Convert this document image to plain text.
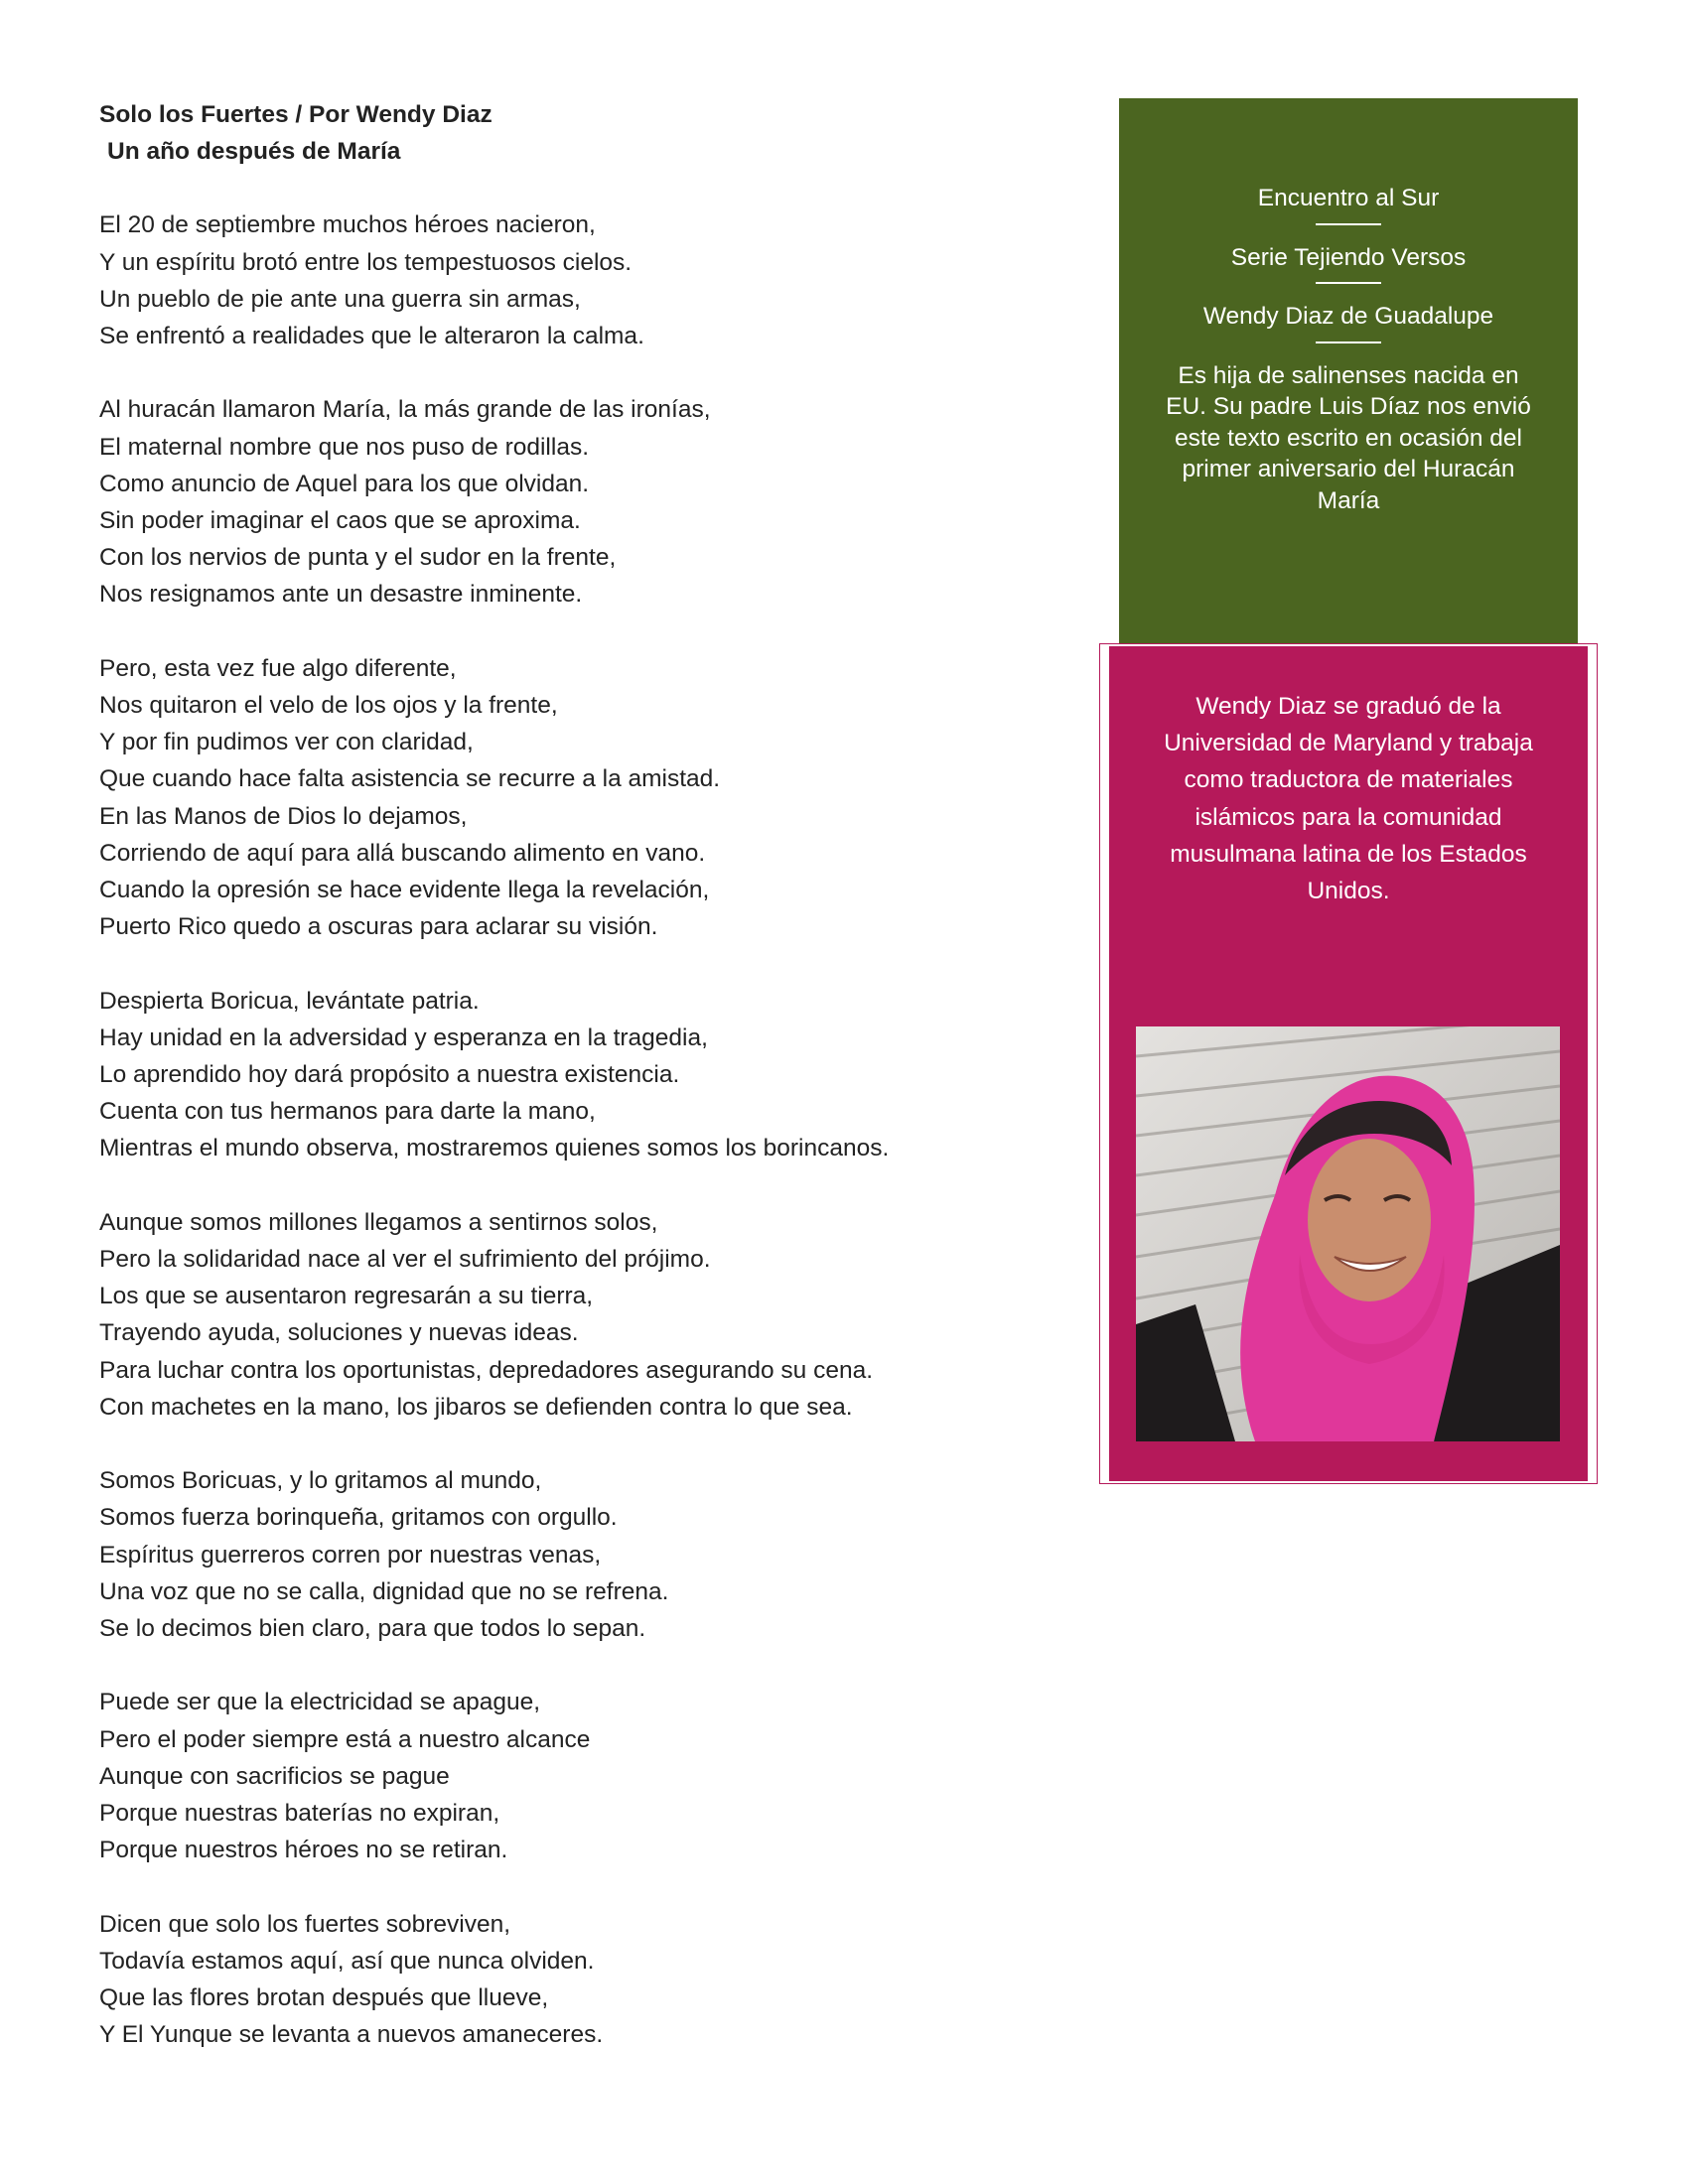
Solo los Fuertes / Por Wendy Diaz

Un año después de María

El 20 de septiembre muchos héroes nacieron,
Y un espíritu brotó entre los tempestuosos cielos.
Un pueblo de pie ante una guerra sin armas,
Se enfrentó a realidades que le alteraron la calma.
Al huracán llamaron María, la más grande de las ironías,
El maternal nombre que nos puso de rodillas.
Como anuncio de Aquel para los que olvidan.
Sin poder imaginar el caos que se aproxima.
Con los nervios de punta y el sudor en la frente,
Nos resignamos ante un desastre inminente.
Pero, esta vez fue algo diferente,
Nos quitaron el velo de los ojos y la frente,
Y por fin pudimos ver con claridad,
Que cuando hace falta asistencia se recurre a la amistad.
En las Manos de Dios lo dejamos,
Corriendo de aquí para allá buscando alimento en vano.
Cuando la opresión se hace evidente llega la revelación,
Puerto Rico quedo a oscuras para aclarar su visión.
Despierta Boricua, levántate patria.
Hay unidad en la adversidad y esperanza en la tragedia,
Lo aprendido hoy dará propósito a nuestra existencia.
Cuenta con tus hermanos para darte la mano,
Mientras el mundo observa, mostraremos quienes somos los borincanos.
Aunque somos millones llegamos a sentirnos solos,
Pero la solidaridad nace al ver el sufrimiento del prójimo.
Los que se ausentaron regresarán a su tierra,
Trayendo ayuda, soluciones y nuevas ideas.
Para luchar contra los oportunistas, depredadores asegurando su cena.
Con machetes en la mano, los jibaros se defienden contra lo que sea.
Somos Boricuas, y lo gritamos al mundo,
Somos fuerza borinqueña, gritamos con orgullo.
Espíritus guerreros corren por nuestras venas,
Una voz que no se calla, dignidad que no se refrena.
Se lo decimos bien claro, para que todos lo sepan.
Puede ser que la electricidad se apague,
Pero el poder siempre está a nuestro alcance
Aunque con sacrificios se pague
Porque nuestras baterías no expiran,
Porque nuestros héroes no se retiran.
Dicen que solo los fuertes sobreviven,
Todavía estamos aquí, así que nunca olviden.
Que las flores brotan después que llueve,
Y El Yunque se levanta a nuevos amaneceres.

Encuentro al Sur

Serie Tejiendo Versos

Wendy Diaz de Guadalupe

Es hija de salinenses nacida en EU. Su padre Luis Díaz nos envió este texto escrito en ocasión del primer aniversario del Huracán María

Wendy Diaz se graduó de la Universidad de Maryland y trabaja como traductora de materiales islámicos para la comunidad musulmana latina de los Estados Unidos.
